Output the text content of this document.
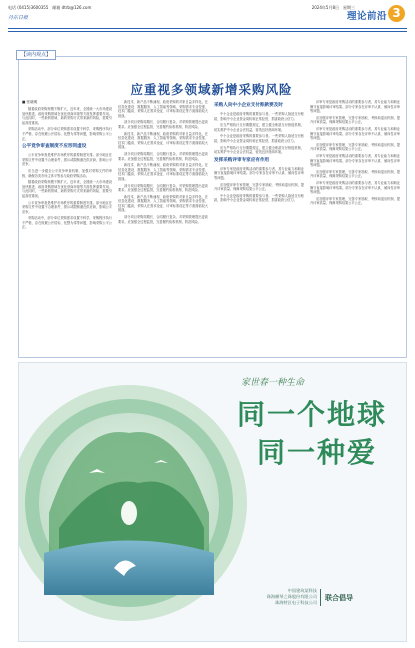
电话 (0415)3600355　邮箱 dtrb@126.com
丹东日报
2024年5月8日　星期三
理论前沿 3
【读内观点】
应重视多领域新增采购风险

■ 张晓明

随着政府采购规模不断扩大，近年来，全国统一大市场建设加快推进，政府采购领域在优化营商环境等方面发挥重要作用。与此同时，一些新的领域、新的采购方式带来新的风险，需要引起高度重视。

采购活动中，部分单位采购需求设置不科学，采购程序执行不严格，存在规避公开招标、化整为零等问题，影响采购公平公正。

公平竞争审查制度不应形同虚设

公平竞争审查是维护市场秩序的重要制度安排。部分地区在采购文件中设置不合理条件，排斥或限制潜在供应商，影响公平竞争。

应当进一步健全公平竞争审查机制，加强对采购文件的审核，确保各类市场主体平等参与政府采购活动。

随着政府采购规模不断扩大，近年来，全国统一大市场建设加快推进，政府采购领域在优化营商环境等方面发挥重要作用。与此同时，一些新的领域、新的采购方式带来新的风险，需要引起高度重视。

公平竞争审查是维护市场秩序的重要制度安排。部分地区在采购文件中设置不合理条件，排斥或限制潜在供应商，影响公平竞争。

采购活动中，部分单位采购需求设置不科学，采购程序执行不严格，存在规避公开招标、化整为零等问题，影响采购公平公正。

新技术、新产品不断涌现，政府采购的对象日益多样化。在信息化建设、数据服务、人工智能等领域，采购需求专业性强，技术门槛高，采购人在需求论证、评审标准设定等方面面临较大挑战。

部分项目采购周期长、合同履行复杂，对采购管理提出更高要求。应加强全过程监管，完善履约验收机制，防范风险。

新技术、新产品不断涌现，政府采购的对象日益多样化。在信息化建设、数据服务、人工智能等领域，采购需求专业性强，技术门槛高，采购人在需求论证、评审标准设定等方面面临较大挑战。

部分项目采购周期长、合同履行复杂，对采购管理提出更高要求。应加强全过程监管，完善履约验收机制，防范风险。

新技术、新产品不断涌现，政府采购的对象日益多样化。在信息化建设、数据服务、人工智能等领域，采购需求专业性强，技术门槛高，采购人在需求论证、评审标准设定等方面面临较大挑战。

部分项目采购周期长、合同履行复杂，对采购管理提出更高要求。应加强全过程监管，完善履约验收机制，防范风险。

新技术、新产品不断涌现，政府采购的对象日益多样化。在信息化建设、数据服务、人工智能等领域，采购需求专业性强，技术门槛高，采购人在需求论证、评审标准设定等方面面临较大挑战。

部分项目采购周期长、合同履行复杂，对采购管理提出更高要求。应加强全过程监管，完善履约验收机制，防范风险。

采购人向中小企业支付账款要及时

中小企业是政府采购的重要参与者。一些采购人拖延支付账款，影响中小企业资金周转和正常经营，损害政府公信力。

应当严格执行支付期限规定，建立健全账款支付督促机制，切实维护中小企业合法权益，营造良好营商环境。

中小企业是政府采购的重要参与者。一些采购人拖延支付账款，影响中小企业资金周转和正常经营，损害政府公信力。

应当严格执行支付期限规定，建立健全账款支付督促机制，切实维护中小企业合法权益，营造良好营商环境。

发挥采购评审专家应有作用

评审专家是政府采购活动的重要参与者，其专业能力和职业操守直接影响评审结果。部分专家存在评审不认真、倾向性评审等问题。

应加强评审专家管理，完善专家抽取、考核和退出机制，提升评审质量，保障采购结果公平公正。

中小企业是政府采购的重要参与者。一些采购人拖延支付账款，影响中小企业资金周转和正常经营，损害政府公信力。

评审专家是政府采购活动的重要参与者，其专业能力和职业操守直接影响评审结果。部分专家存在评审不认真、倾向性评审等问题。

应加强评审专家管理，完善专家抽取、考核和退出机制，提升评审质量，保障采购结果公平公正。

评审专家是政府采购活动的重要参与者，其专业能力和职业操守直接影响评审结果。部分专家存在评审不认真、倾向性评审等问题。

应加强评审专家管理，完善专家抽取、考核和退出机制，提升评审质量，保障采购结果公平公正。

评审专家是政府采购活动的重要参与者，其专业能力和职业操守直接影响评审结果。部分专家存在评审不认真、倾向性评审等问题。

应加强评审专家管理，完善专家抽取、考核和退出机制，提升评审质量，保障采购结果公平公正。

评审专家是政府采购活动的重要参与者，其专业能力和职业操守直接影响评审结果。部分专家存在评审不认真、倾向性评审等问题。

应加强评审专家管理，完善专家抽取、考核和退出机制，提升评审质量，保障采购结果公平公正。

家世春一种生命
同一个地球
同一种爱
中国建筑某科技
珠海横琴之珠股份有限公司
珠海特区电子科技公司
联合倡导
